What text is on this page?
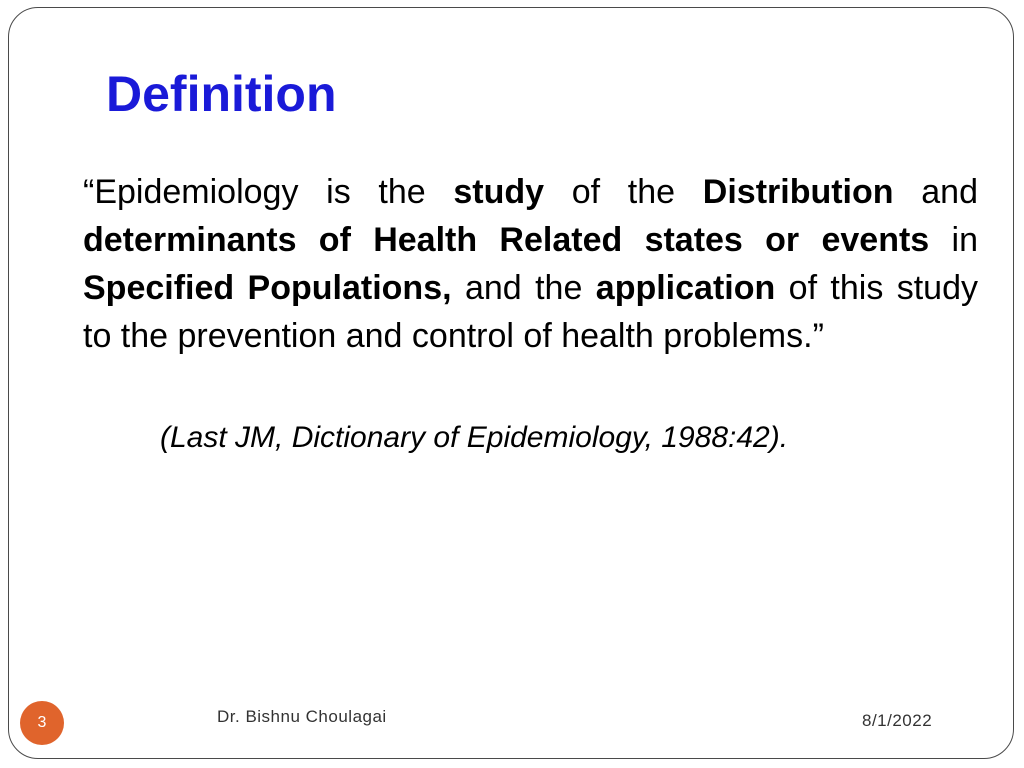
Definition

“Epidemiology is the study of the Distribution and determinants of Health Related states or events in Specified Populations, and the application of this study to the prevention and control of health problems.”

(Last JM, Dictionary of Epidemiology, 1988:42).

3	Dr. Bishnu Choulagai	8/1/2022
